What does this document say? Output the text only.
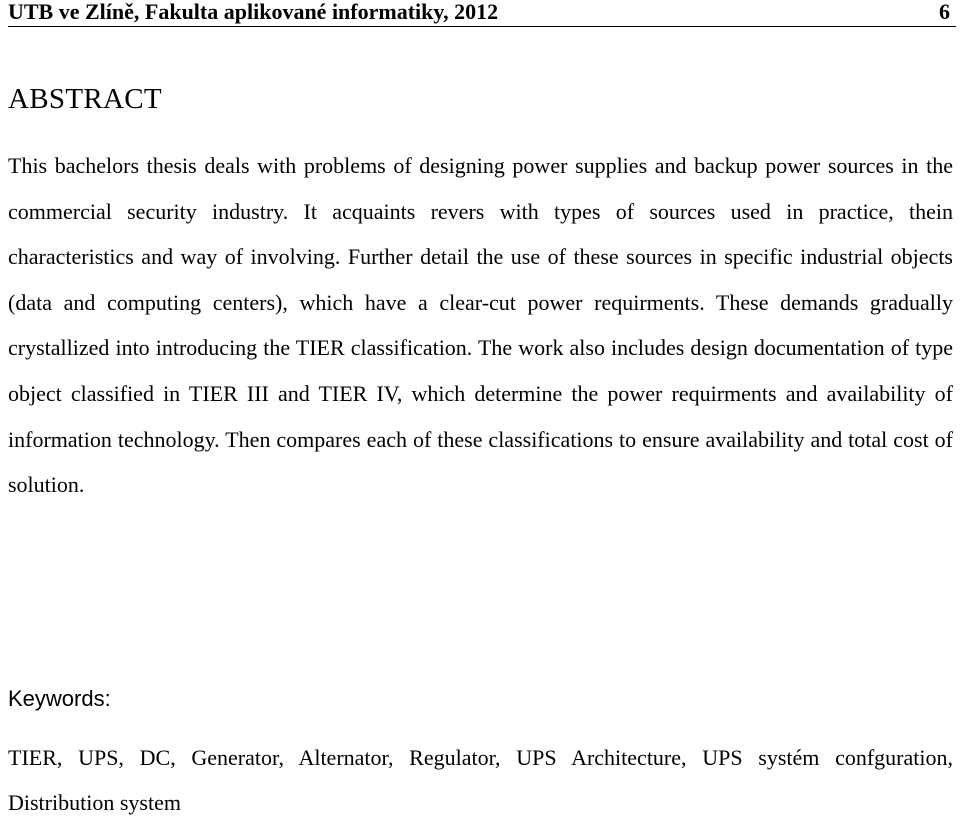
UTB ve Zlíně, Fakulta aplikované informatiky, 2012	6
ABSTRACT

This bachelors thesis deals with problems of designing power supplies and backup power sources in the commercial security industry. It acquaints revers with types of sources used in practice, thein characteristics and way of involving. Further detail the use of these sources in specific industrial objects (data and computing centers), which have a clear-cut power requirments. These demands gradually crystallized into introducing the TIER classification. The work also includes design documentation of type object classified in TIER III and TIER IV, which determine the power requirments and availability of information technology. Then compares each of these classifications to ensure availability and total cost of solution.

Keywords:

TIER, UPS, DC, Generator, Alternator, Regulator, UPS Architecture, UPS systém confguration, Distribution system
